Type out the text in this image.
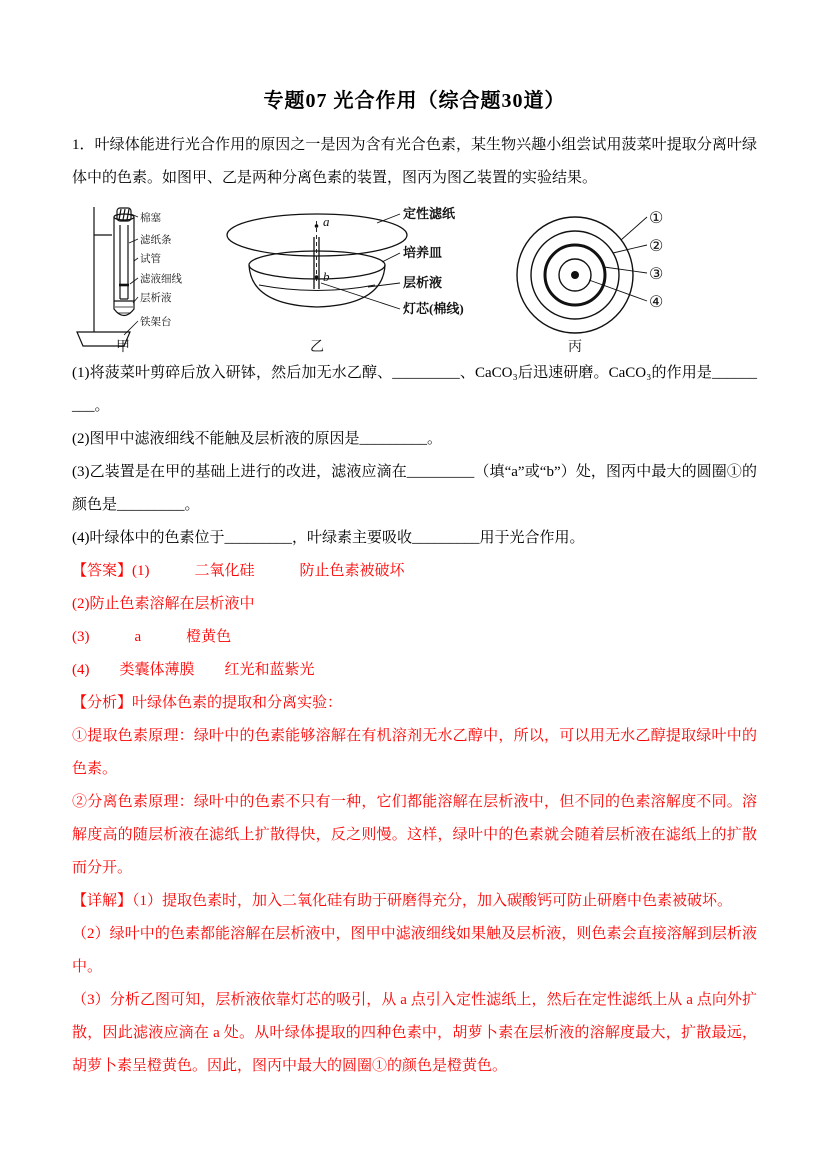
专题07 光合作用（综合题30道）

1．叶绿体能进行光合作用的原因之一是因为含有光合色素，某生物兴趣小组尝试用菠菜叶提取分离叶绿体中的色素。如图甲、乙是两种分离色素的装置，图丙为图乙装置的实验结果。

棉塞
滤纸条
试管
滤液细线
层析液
铁架台
甲
a
b
定性滤纸
培养皿
层析液
灯芯(棉线)
乙
①
②
③
④
丙

(1)将菠菜叶剪碎后放入研钵，然后加无水乙醇、_________、CaCO₃后迅速研磨。CaCO₃的作用是_________。

(2)图甲中滤液细线不能触及层析液的原因是_________。

(3)乙装置是在甲的基础上进行的改进，滤液应滴在_________（填“a”或“b”）处，图丙中最大的圆圈①的颜色是_________。

(4)叶绿体中的色素位于_________，叶绿素主要吸收_________用于光合作用。

【答案】(1)　　　二氧化硅　　　防止色素被破坏

(2)防止色素溶解在层析液中

(3)　　　a　　　橙黄色

(4)　　类囊体薄膜　　红光和蓝紫光

【分析】叶绿体色素的提取和分离实验：

①提取色素原理：绿叶中的色素能够溶解在有机溶剂无水乙醇中，所以，可以用无水乙醇提取绿叶中的色素。

②分离色素原理：绿叶中的色素不只有一种，它们都能溶解在层析液中，但不同的色素溶解度不同。溶解度高的随层析液在滤纸上扩散得快，反之则慢。这样，绿叶中的色素就会随着层析液在滤纸上的扩散而分开。

【详解】（1）提取色素时，加入二氧化硅有助于研磨得充分，加入碳酸钙可防止研磨中色素被破坏。

（2）绿叶中的色素都能溶解在层析液中，图甲中滤液细线如果触及层析液，则色素会直接溶解到层析液中。

（3）分析乙图可知，层析液依靠灯芯的吸引，从 a 点引入定性滤纸上，然后在定性滤纸上从 a 点向外扩散，因此滤液应滴在 a 处。从叶绿体提取的四种色素中，胡萝卜素在层析液的溶解度最大，扩散最远，胡萝卜素呈橙黄色。因此，图丙中最大的圆圈①的颜色是橙黄色。
